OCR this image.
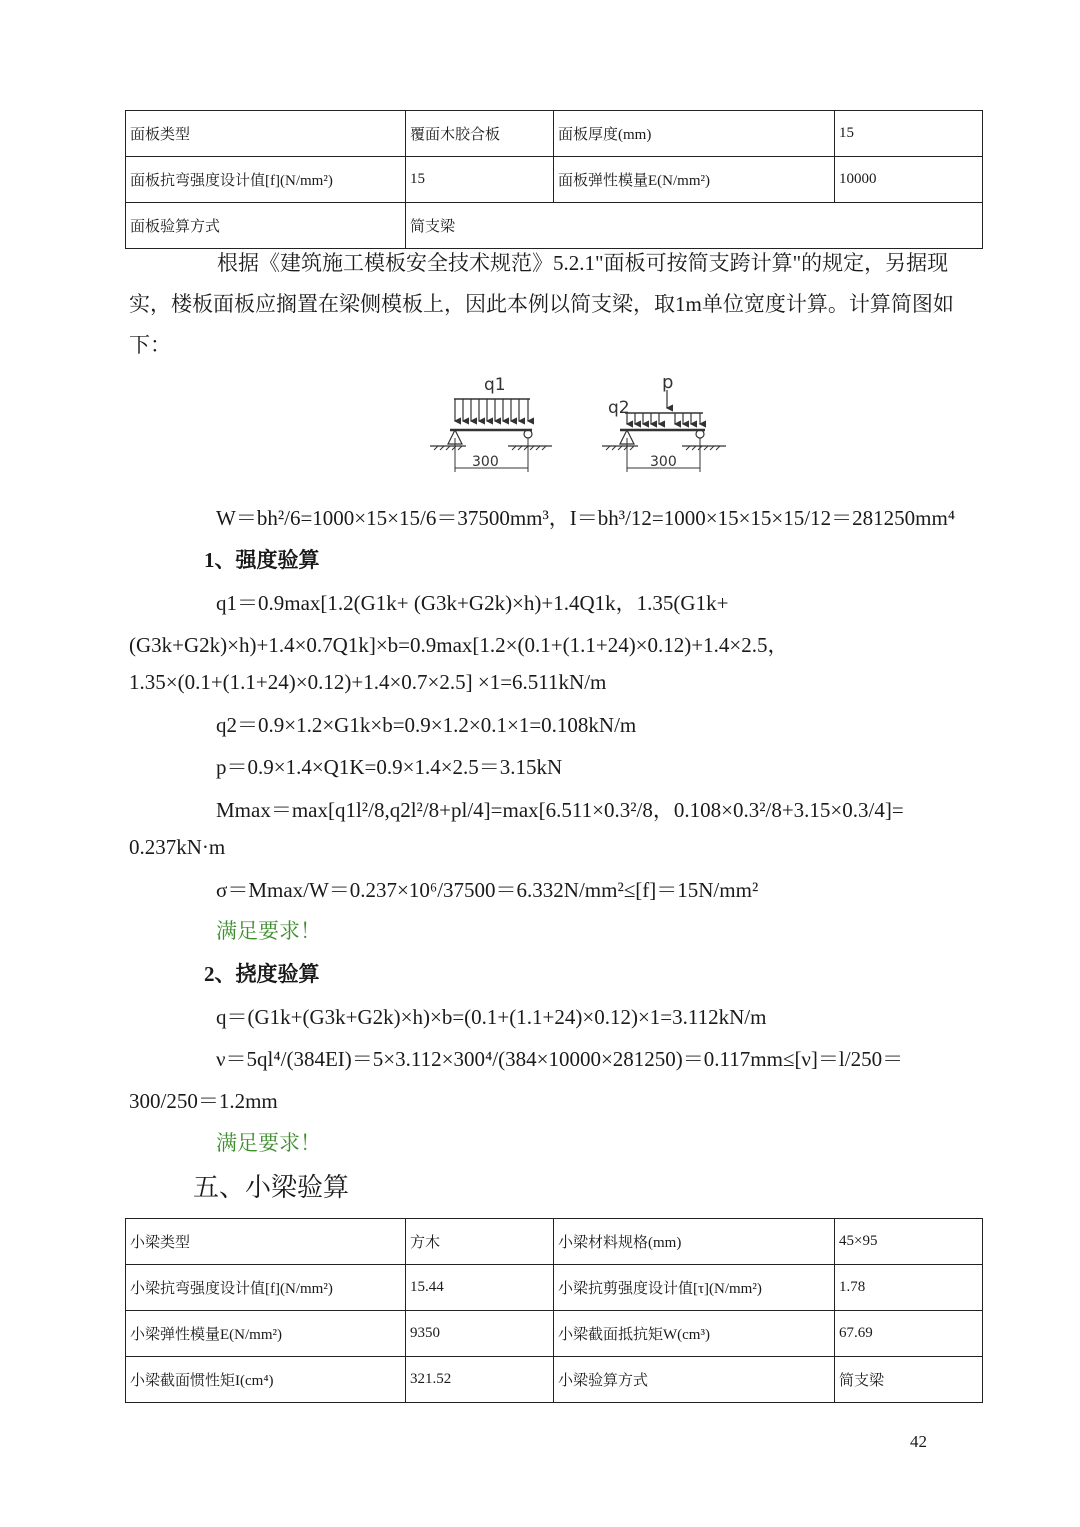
面板类型	覆面木胶合板	面板厚度(mm)	15
面板抗弯强度设计值[f](N/mm²)	15	面板弹性模量E(N/mm²)	10000
面板验算方式	简支梁		
根据《建筑施工模板安全技术规范》5.2.1"面板可按简支跨计算"的规定，另据现实，楼板面板应搁置在梁侧模板上，因此本例以简支梁，取1m单位宽度计算。计算简图如下：
q1
300
p
q2
300
W＝bh²/6=1000×15×15/6＝37500mm³，I＝bh³/12=1000×15×15×15/12＝281250mm⁴
1、强度验算
q1＝0.9max[1.2(G1k+ (G3k+G2k)×h)+1.4Q1k，1.35(G1k+
(G3k+G2k)×h)+1.4×0.7Q1k]×b=0.9max[1.2×(0.1+(1.1+24)×0.12)+1.4×2.5，
1.35×(0.1+(1.1+24)×0.12)+1.4×0.7×2.5] ×1=6.511kN/m
q2＝0.9×1.2×G1k×b=0.9×1.2×0.1×1=0.108kN/m
p＝0.9×1.4×Q1K=0.9×1.4×2.5＝3.15kN
Mmax＝max[q1l²/8,q2l²/8+pl/4]=max[6.511×0.3²/8，0.108×0.3²/8+3.15×0.3/4]=
0.237kN·m
σ＝Mmax/W＝0.237×10⁶/37500＝6.332N/mm²≤[f]＝15N/mm²
满足要求！
2、挠度验算
q＝(G1k+(G3k+G2k)×h)×b=(0.1+(1.1+24)×0.12)×1=3.112kN/m
ν＝5ql⁴/(384EI)＝5×3.112×300⁴/(384×10000×281250)＝0.117mm≤[ν]＝l/250＝
300/250＝1.2mm
满足要求！
五、小梁验算
小梁类型	方木	小梁材料规格(mm)	45×95
小梁抗弯强度设计值[f](N/mm²)	15.44	小梁抗剪强度设计值[τ](N/mm²)	1.78
小梁弹性模量E(N/mm²)	9350	小梁截面抵抗矩W(cm³)	67.69
小梁截面惯性矩I(cm⁴)	321.52	小梁验算方式	简支梁
42
